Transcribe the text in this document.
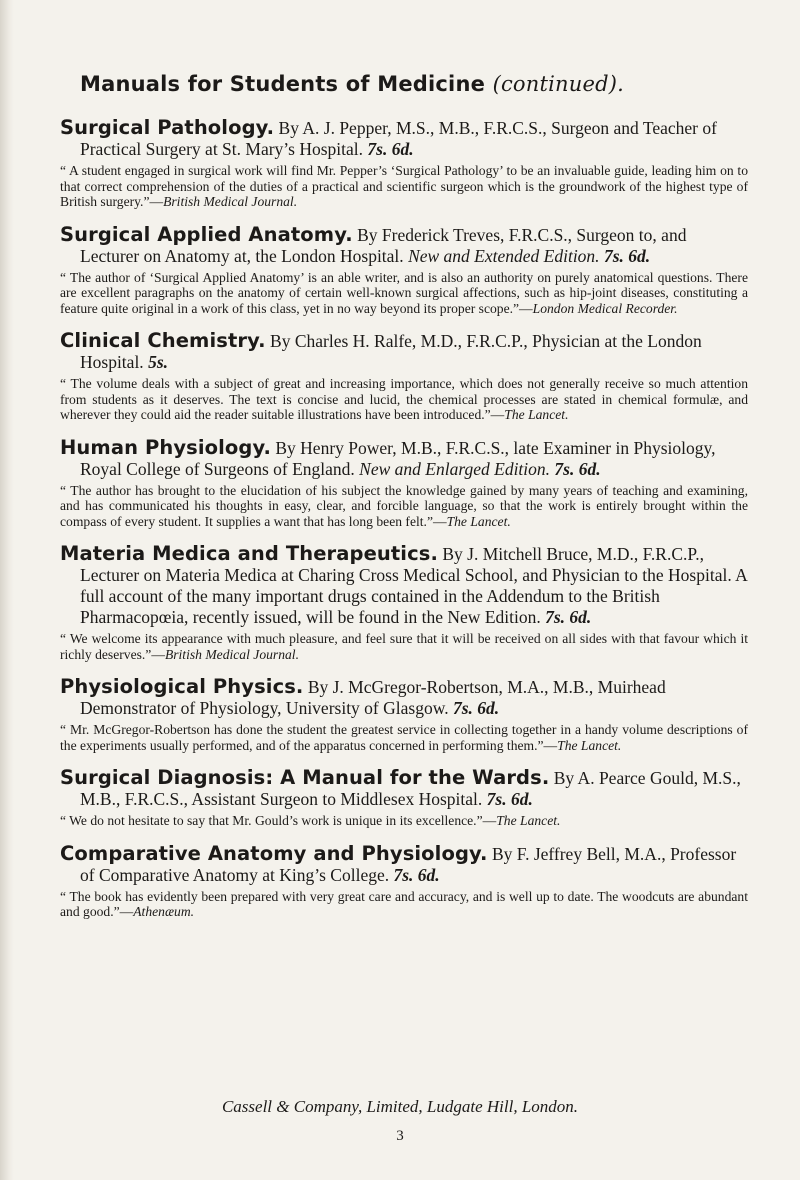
Manuals for Students of Medicine (continued).
Surgical Pathology. By A. J. Pepper, M.S., M.B., F.R.C.S., Surgeon and Teacher of Practical Surgery at St. Mary’s Hospital. 7s. 6d.
“ A student engaged in surgical work will find Mr. Pepper’s ‘Surgical Pathology’ to be an invaluable guide, leading him on to that correct comprehension of the duties of a practical and scientific surgeon which is the groundwork of the highest type of British surgery.”—British Medical Journal.
Surgical Applied Anatomy. By Frederick Treves, F.R.C.S., Surgeon to, and Lecturer on Anatomy at, the London Hospital. New and Extended Edition. 7s. 6d.
“ The author of ‘Surgical Applied Anatomy’ is an able writer, and is also an authority on purely anatomical questions. There are excellent paragraphs on the anatomy of certain well-known surgical affections, such as hip-joint diseases, constituting a feature quite original in a work of this class, yet in no way beyond its proper scope.”—London Medical Recorder.
Clinical Chemistry. By Charles H. Ralfe, M.D., F.R.C.P., Physician at the London Hospital. 5s.
“ The volume deals with a subject of great and increasing importance, which does not generally receive so much attention from students as it deserves. The text is concise and lucid, the chemical processes are stated in chemical formulæ, and wherever they could aid the reader suitable illustrations have been introduced.”—The Lancet.
Human Physiology. By Henry Power, M.B., F.R.C.S., late Examiner in Physiology, Royal College of Surgeons of England. New and Enlarged Edition. 7s. 6d.
“ The author has brought to the elucidation of his subject the knowledge gained by many years of teaching and examining, and has communicated his thoughts in easy, clear, and forcible language, so that the work is entirely brought within the compass of every student. It supplies a want that has long been felt.”—The Lancet.
Materia Medica and Therapeutics. By J. Mitchell Bruce, M.D., F.R.C.P., Lecturer on Materia Medica at Charing Cross Medical School, and Physician to the Hospital. A full account of the many important drugs contained in the Addendum to the British Pharmacopœia, recently issued, will be found in the New Edition. 7s. 6d.
“ We welcome its appearance with much pleasure, and feel sure that it will be received on all sides with that favour which it richly deserves.”—British Medical Journal.
Physiological Physics. By J. McGregor-Robertson, M.A., M.B., Muirhead Demonstrator of Physiology, University of Glasgow. 7s. 6d.
“ Mr. McGregor-Robertson has done the student the greatest service in collecting together in a handy volume descriptions of the experiments usually performed, and of the apparatus concerned in performing them.”—The Lancet.
Surgical Diagnosis: A Manual for the Wards. By A. Pearce Gould, M.S., M.B., F.R.C.S., Assistant Surgeon to Middlesex Hospital. 7s. 6d.
“ We do not hesitate to say that Mr. Gould’s work is unique in its excellence.”—The Lancet.
Comparative Anatomy and Physiology. By F. Jeffrey Bell, M.A., Professor of Comparative Anatomy at King’s College. 7s. 6d.
“ The book has evidently been prepared with very great care and accuracy, and is well up to date. The woodcuts are abundant and good.”—Athenæum.
Cassell & Company, Limited, Ludgate Hill, London.
3
